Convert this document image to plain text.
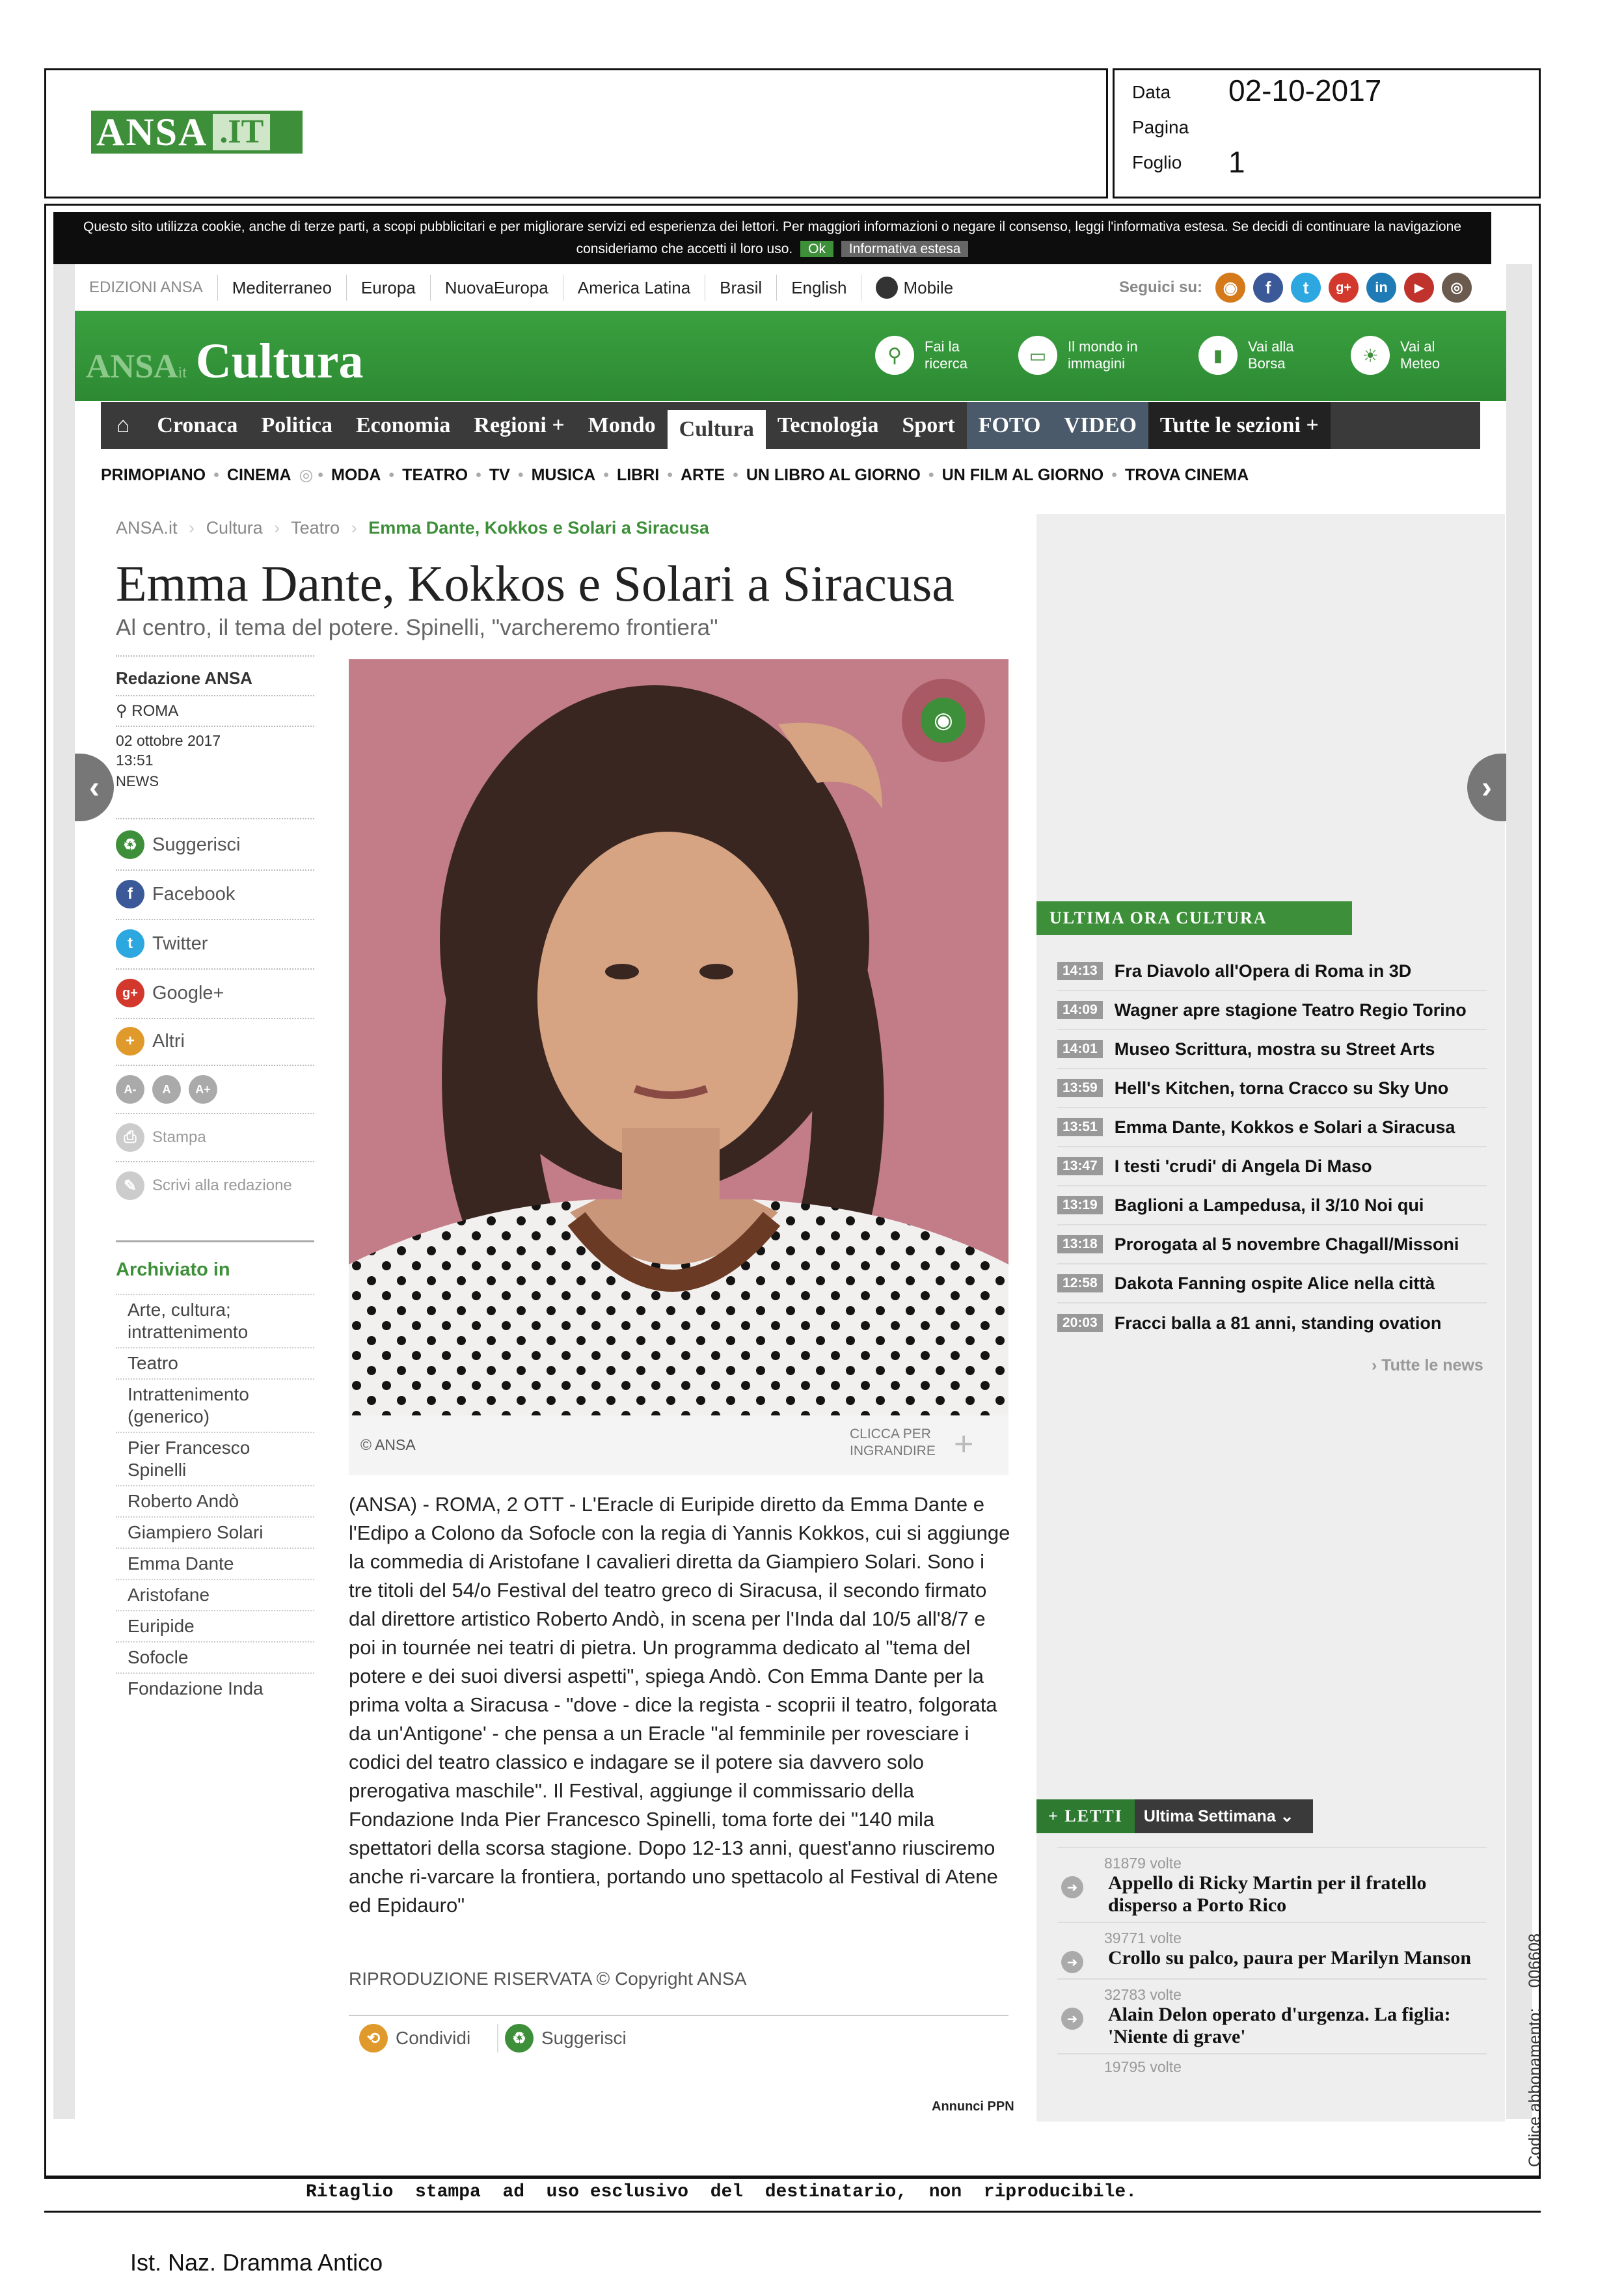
ANSA .IT
Data 02-10-2017
Pagina
Foglio 1
Questo sito utilizza cookie, anche di terze parti, a scopi pubblicitari e per migliorare servizi ed esperienza dei lettori. Per maggiori informazioni o negare il consenso, leggi l'informativa estesa. Se decidi di continuare la navigazione consideriamo che accetti il loro uso. Ok Informativa estesa
EDIZIONI ANSA	Mediterraneo	Europa	NuovaEuropa	America Latina	Brasil	English	Mobile	Seguici su:	◉	f	t	g+	in	▶	◎
ANSA it Cultura	⚲	Fai la
ricerca	▭	Il mondo in
immagini	▮	Vai alla
Borsa	☀	Vai al
Meteo
⌂	Cronaca	Politica	Economia	Regioni +	Mondo	Cultura	Tecnologia	Sport	FOTO	VIDEO	Tutte le sezioni +
PRIMOPIANO • CINEMA ◎ • MODA • TEATRO • TV • MUSICA • LIBRI • ARTE • UN LIBRO AL GIORNO • UN FILM AL GIORNO • TROVA CINEMA
ANSA.it › Cultura › Teatro › Emma Dante, Kokkos e Solari a Siracusa
Emma Dante, Kokkos e Solari a Siracusa
Al centro, il tema del potere. Spinelli, "varcheremo frontiera"
Redazione ANSA
⚲ ROMA
02 ottobre 2017
13:51
NEWS
♻ Suggerisci
f	Facebook
t	Twitter
g+ Google+
+ Altri
A-	A	A+
⎙	Stampa
✎ Scrivi alla redazione
Archiviato in
Arte, cultura; intrattenimento
Teatro
Intrattenimento (generico)
Pier Francesco Spinelli
Roberto Andò
Giampiero Solari
Emma Dante
Aristofane
Euripide
Sofocle
Fondazione Inda
◉
© ANSA
CLICCA PER
INGRANDIRE +
(ANSA) - ROMA, 2 OTT - L'Eracle di Euripide diretto da Emma Dante e l'Edipo a Colono da Sofocle con la regia di Yannis Kokkos, cui si aggiunge la commedia di Aristofane I cavalieri diretta da Giampiero Solari. Sono i tre titoli del 54/o Festival del teatro greco di Siracusa, il secondo firmato dal direttore artistico Roberto Andò, in scena per l'Inda dal 10/5 all'8/7 e poi in tournée nei teatri di pietra. Un programma dedicato al "tema del potere e dei suoi diversi aspetti", spiega Andò. Con Emma Dante per la prima volta a Siracusa - "dove - dice la regista - scoprii il teatro, folgorata da un'Antigone' - che pensa a un Eracle "al femminile per rovesciare i codici del teatro classico e indagare se il potere sia davvero solo prerogativa maschile". Il Festival, aggiunge il commissario della Fondazione Inda Pier Francesco Spinelli, toma forte dei "140 mila spettatori della scorsa stagione. Dopo 12-13 anni, quest'anno riusciremo anche ri-varcare la frontiera, portando uno spettacolo al Festival di Atene ed Epidauro"
RIPRODUZIONE RISERVATA © Copyright ANSA
⟲ Condividi	♻ Suggerisci
Annunci PPN
ULTIMA ORA CULTURA
14:13 Fra Diavolo all'Opera di Roma in 3D
14:09 Wagner apre stagione Teatro Regio Torino
14:01 Museo Scrittura, mostra su Street Arts
13:59 Hell's Kitchen, torna Cracco su Sky Uno
13:51 Emma Dante, Kokkos e Solari a Siracusa
13:47 I testi 'crudi' di Angela Di Maso
13:19 Baglioni a Lampedusa, il 3/10 Noi qui
13:18 Prorogata al 5 novembre Chagall/Missoni
12:58 Dakota Fanning ospite Alice nella città
20:03 Fracci balla a 81 anni, standing ovation
› Tutte le news
+ LETTI	Ultima Settimana ⌄
81879 volte
➜ Appello di Ricky Martin per il fratello disperso a Porto Rico
39771 volte
➜ Crollo su palco, paura per Marilyn Manson
32783 volte
➜ Alain Delon operato d'urgenza. La figlia: 'Niente di grave'
19795 volte
‹	›
Ritaglio  stampa  ad  uso esclusivo  del  destinatario,  non  riproducibile.
Ist. Naz. Dramma Antico
Codice abbonamento: 006608
